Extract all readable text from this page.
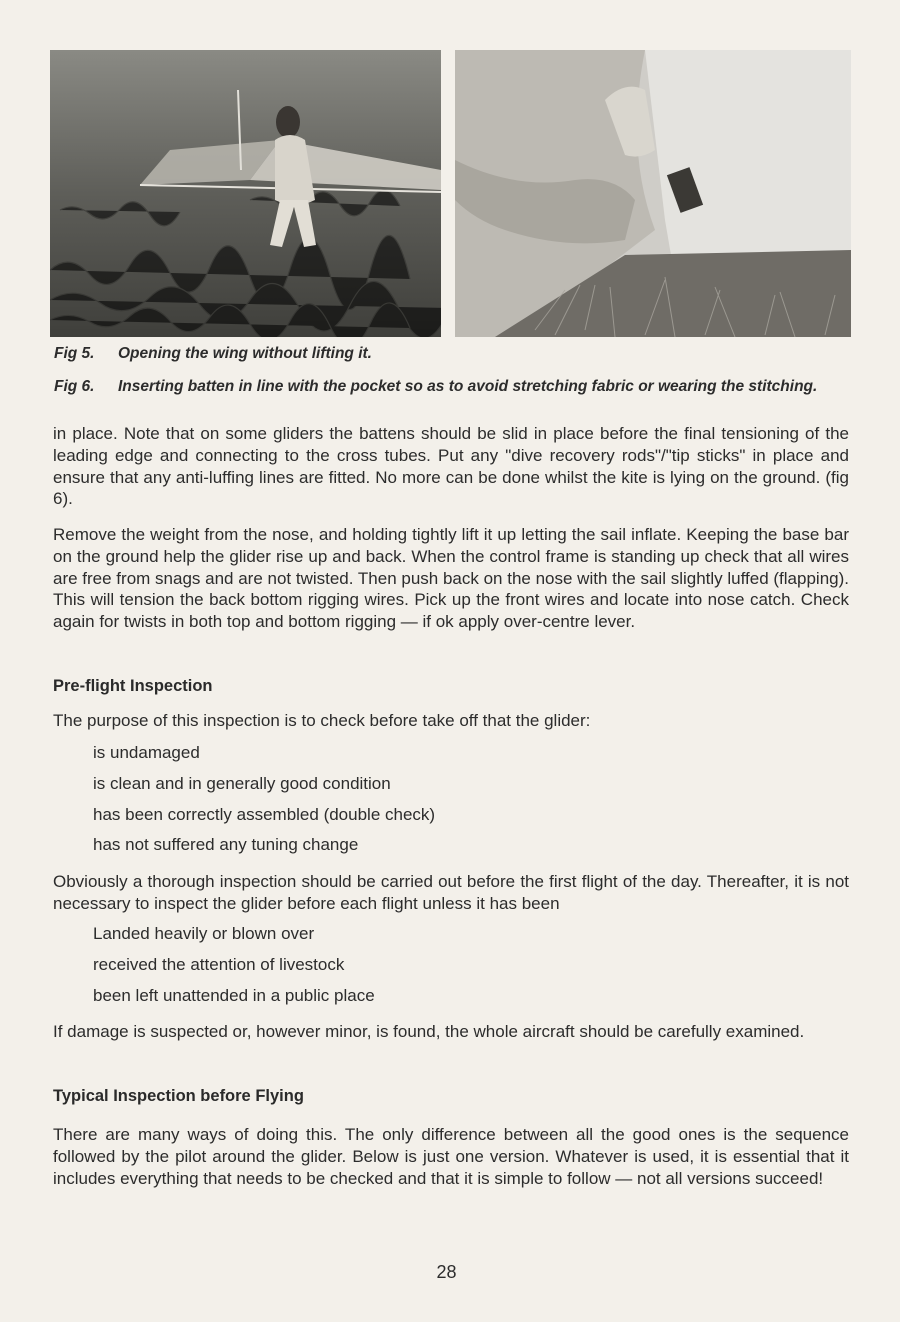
Fig 5. Opening the wing without lifting it.
Fig 6. Inserting batten in line with the pocket so as to avoid stretching fabric or wearing the stitching.

in place. Note that on some gliders the battens should be slid in place before the final tensioning of the leading edge and connecting to the cross tubes. Put any "dive recovery rods"/"tip sticks" in place and ensure that any anti-luffing lines are fitted. No more can be done whilst the kite is lying on the ground. (fig 6).

Remove the weight from the nose, and holding tightly lift it up letting the sail inflate. Keeping the base bar on the ground help the glider rise up and back. When the control frame is standing up check that all wires are free from snags and are not twisted. Then push back on the nose with the sail slightly luffed (flapping). This will tension the back bottom rigging wires. Pick up the front wires and locate into nose catch. Check again for twists in both top and bottom rigging — if ok apply over-centre lever.

Pre-flight Inspection
The purpose of this inspection is to check before take off that the glider:
is undamaged
is clean and in generally good condition
has been correctly assembled (double check)
has not suffered any tuning change

Obviously a thorough inspection should be carried out before the first flight of the day. Thereafter, it is not necessary to inspect the glider before each flight unless it has been

Landed heavily or blown over
received the attention of livestock
been left unattended in a public place

If damage is suspected or, however minor, is found, the whole aircraft should be carefully examined.

Typical Inspection before Flying

There are many ways of doing this. The only difference between all the good ones is the sequence followed by the pilot around the glider. Below is just one version. Whatever is used, it is essential that it includes everything that needs to be checked and that it is simple to follow — not all versions succeed!

28
